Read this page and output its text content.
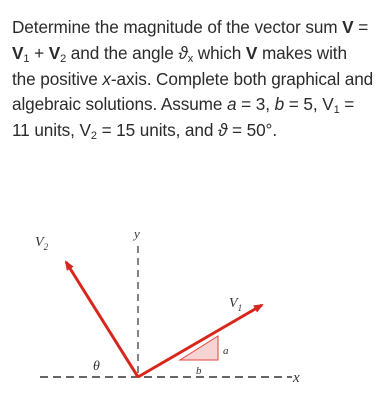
Determine the magnitude of the vector sum $V = V_1 + V_2$ and the angle $ϑ_x$ which V makes with the positive x-axis. Complete both graphical and algebraic solutions. Assume a = 3, b = 5, $V_1 = 11$ units, $V_2 = 15$ units, and ϑ = 50°.

$V_2$
$V_1$
y
x
θ
a
b
